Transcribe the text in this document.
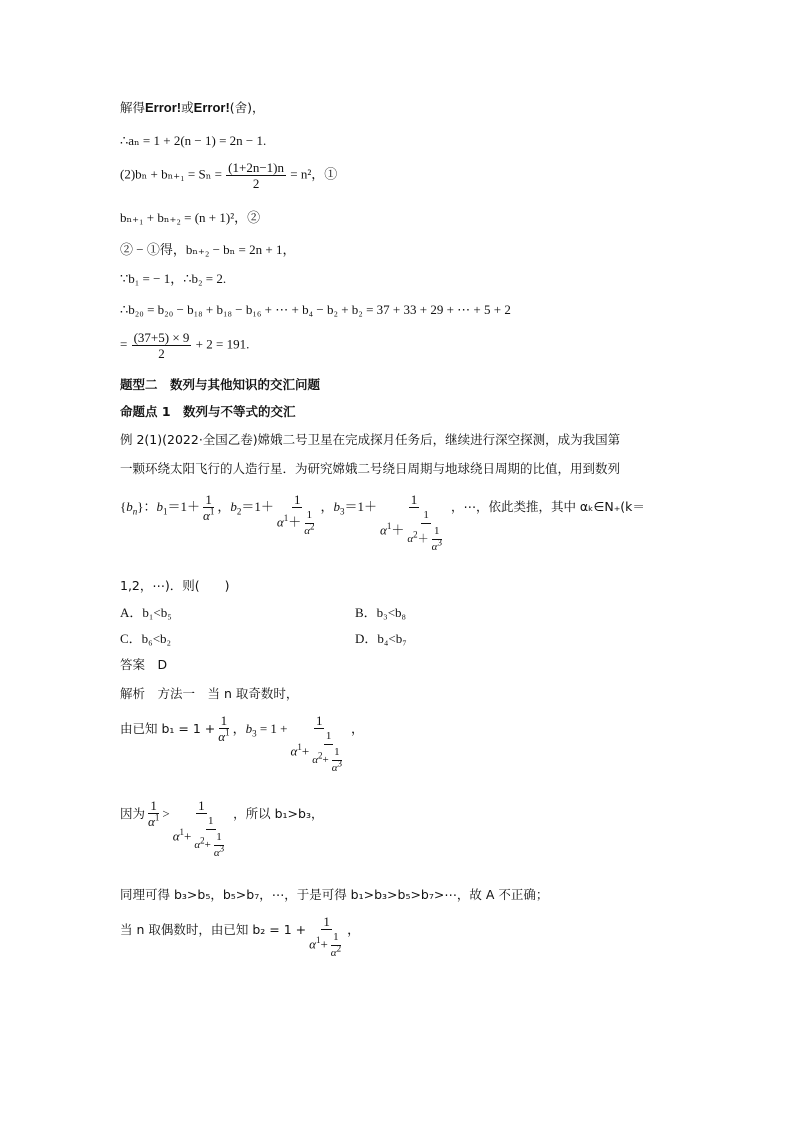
解得Error!或Error!(舍)，
∴aₙ = 1 + 2(n − 1) = 2n − 1.
$(2)b_n + b_{n+1} = S_n = \frac{(1+2n-1)n}{2} = n^2$，①
bₙ₊₁ + bₙ₊₂ = (n + 1)²，②
② − ①得，bₙ₊₂ − bₙ = 2n + 1，
∵b₁ = − 1，∴b₂ = 2.
∴b₂₀ = b₂₀ − b₁₈ + b₁₈ − b₁₆ + ⋯ + b₄ − b₂ + b₂ = 37 + 33 + 29 + ⋯ + 5 + 2
= $\frac{(37+5) \times 9}{2} + 2 = 191$.
题型二　数列与其他知识的交汇问题
命题点 1　数列与不等式的交汇
例 2(1)(2022·全国乙卷)嫦娥二号卫星在完成探月任务后，继续进行深空探测，成为我国第
一颗环绕太阳飞行的人造行星．为研究嫦娥二号绕日周期与地球绕日周期的比值，用到数列
$\{b_n\}$：$b_1=1+ \frac{1}{\alpha^1}$ ，$b_2=1+ \frac{1}{\alpha^1+ \frac{1}{\alpha^2}}$ ，$b_3=1+ \frac{1}{\alpha^1+ \frac{1}{\alpha^2+ \frac{1}{\alpha^3}}}$ ，⋯，依此类推，其中 αₖ∈N₊(k＝
1,2，⋯)．则(　　)
A．b₁<b₅	B．b₃<b₈
C．b₆<b₂	D．b₄<b₇
答案　D
解析　方法一　当 n 取奇数时，
由已知 $b_1 = 1 + \frac{1}{\alpha^1}$ ，$b_3 = 1 + \frac{1}{\alpha^1+ \frac{1}{\alpha^2+ \frac{1}{\alpha^3}}}$ ，
因为 $\frac{1}{\alpha^1} > \frac{1}{\alpha^1+ \frac{1}{\alpha^2+ \frac{1}{\alpha^3}}}$ ，所以 b₁>b₃，
同理可得 b₃>b₅，b₅>b₇，⋯，于是可得 b₁>b₃>b₅>b₇>⋯，故 A 不正确；
当 n 取偶数时，由已知 $b_2 = 1 + \frac{1}{\alpha^1+ \frac{1}{\alpha^2}}$ ，
